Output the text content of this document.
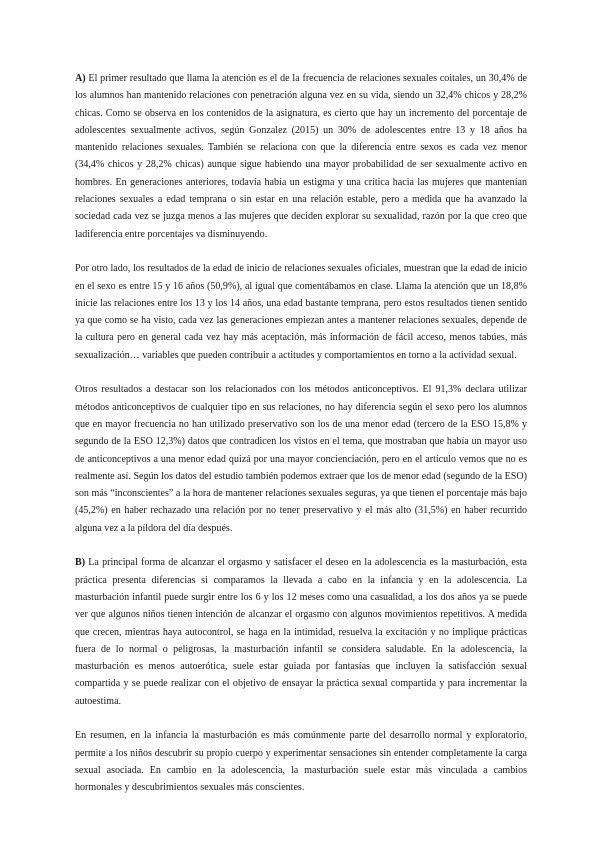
A) El primer resultado que llama la atención es el de la frecuencia de relaciones sexuales coitales, un 30,4% de los alumnos han mantenido relaciones con penetración alguna vez en su vida, siendo un 32,4% chicos y 28,2% chicas. Como se observa en los contenidos de la asignatura, es cierto que hay un incremento del porcentaje de adolescentes sexualmente activos, según Gonzalez (2015) un 30% de adolescentes entre 13 y 18 años ha mantenido relaciones sexuales. También se relaciona con que la diferencia entre sexos es cada vez menor (34,4% chicos y 28,2% chicas) aunque sigue habiendo una mayor probabilidad de ser sexualmente activo en hombres. En generaciones anteriores, todavía había un estigma y una crítica hacia las mujeres que mantenían relaciones sexuales a edad temprana o sin estar en una relación estable, pero a medida que ha avanzado la sociedad cada vez se juzga menos a las mujeres que deciden explorar su sexualidad, razón por la que creo que ladiferencia entre porcentajes va disminuyendo.

Por otro lado, los resultados de la edad de inicio de relaciones sexuales oficiales, muestran que la edad de inicio en el sexo es entre 15 y 16 años (50,9%), al igual que comentábamos en clase. Llama la atención que un 18,8% inicie las relaciones entre los 13 y los 14 años, una edad bastante temprana, pero estos resultados tienen sentido ya que como se ha visto, cada vez las generaciones empiezan antes a mantener relaciones sexuales, depende de la cultura pero en general cada vez hay más aceptación, más información de fácil acceso, menos tabúes, más sexualización… variables que pueden contribuir a actitudes y comportamientos en torno a la actividad sexual.

Otros resultados a destacar son los relacionados con los métodos anticonceptivos. El 91,3% declara utilizar métodos anticonceptivos de cualquier tipo en sus relaciones, no hay diferencia según el sexo pero los alumnos que en mayor frecuencia no han utilizado preservativo son los de una menor edad (tercero de la ESO 15,8% y segundo de la ESO 12,3%) datos que contradicen los vistos en el tema, que mostraban que había un mayor uso de anticonceptivos a una menor edad quizá por una mayor concienciación, pero en el artículo vemos que no es realmente así. Según los datos del estudio también podemos extraer que los de menor edad (segundo de la ESO) son más “inconscientes” a la hora de mantener relaciones sexuales seguras, ya que tienen el porcentaje más bajo (45,2%) en haber rechazado una relación por no tener preservativo y el más alto (31,5%) en haber recurrido alguna vez a la píldora del día después.

B) La principal forma de alcanzar el orgasmo y satisfacer el deseo en la adolescencia es la masturbación, esta práctica presenta diferencias si comparamos la llevada a cabo en la infancia y en la adolescencia. La masturbación infantil puede surgir entre los 6 y los 12 meses como una casualidad, a los dos años ya se puede ver que algunos niños tienen intención de alcanzar el orgasmo con algunos movimientos repetitivos. A medida que crecen, mientras haya autocontrol, se haga en la intimidad, resuelva la excitación y no implique prácticas fuera de lo normal o peligrosas, la masturbación infantil se considera saludable. En la adolescencia, la masturbación es menos autoerótica, suele estar guiada por fantasías que incluyen la satisfacción sexual compartida y se puede realizar con el objetivo de ensayar la práctica sexual compartida y para incrementar la autoestima.

En resumen, en la infancia la masturbación es más comúnmente parte del desarrollo normal y exploratorio, permite a los niños descubrir su propio cuerpo y experimentar sensaciones sin entender completamente la carga sexual asociada. En cambio en la adolescencia, la masturbación suele estar más vinculada a cambios hormonales y descubrimientos sexuales más conscientes.
